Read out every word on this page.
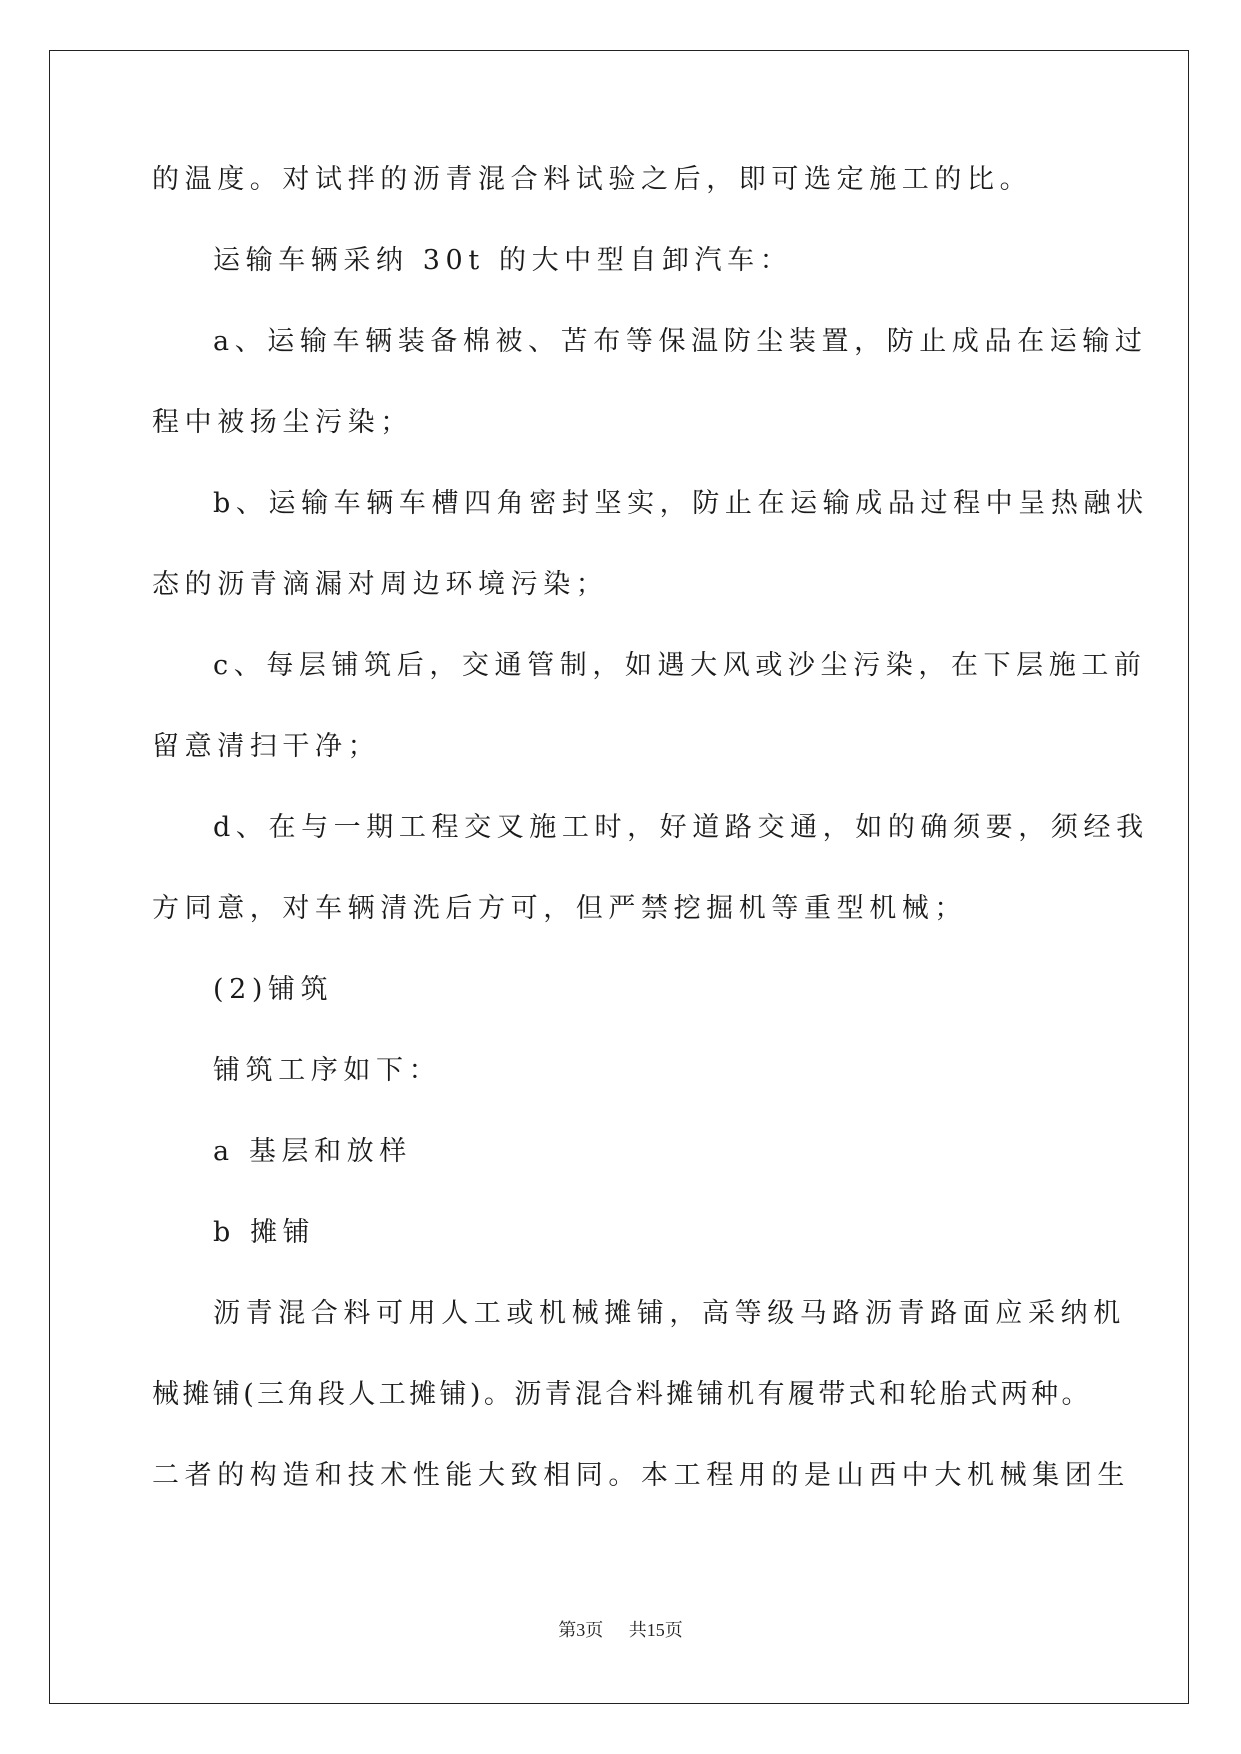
的温度。对试拌的沥青混合料试验之后，即可选定施工的比。
运输车辆采纳 30t 的大中型自卸汽车：
a、运输车辆装备棉被、苫布等保温防尘装置，防止成品在运输过
程中被扬尘污染；
b、运输车辆车槽四角密封坚实，防止在运输成品过程中呈热融状
态的沥青滴漏对周边环境污染；
c、每层铺筑后，交通管制，如遇大风或沙尘污染，在下层施工前
留意清扫干净；
d、在与一期工程交叉施工时，好道路交通，如的确须要，须经我
方同意，对车辆清洗后方可，但严禁挖掘机等重型机械；
(2)铺筑
铺筑工序如下：
a 基层和放样
b 摊铺
沥青混合料可用人工或机械摊铺，高等级马路沥青路面应采纳机
械摊铺(三角段人工摊铺)。沥青混合料摊铺机有履带式和轮胎式两种。
二者的构造和技术性能大致相同。本工程用的是山西中大机械集团生
第3页 共15页
